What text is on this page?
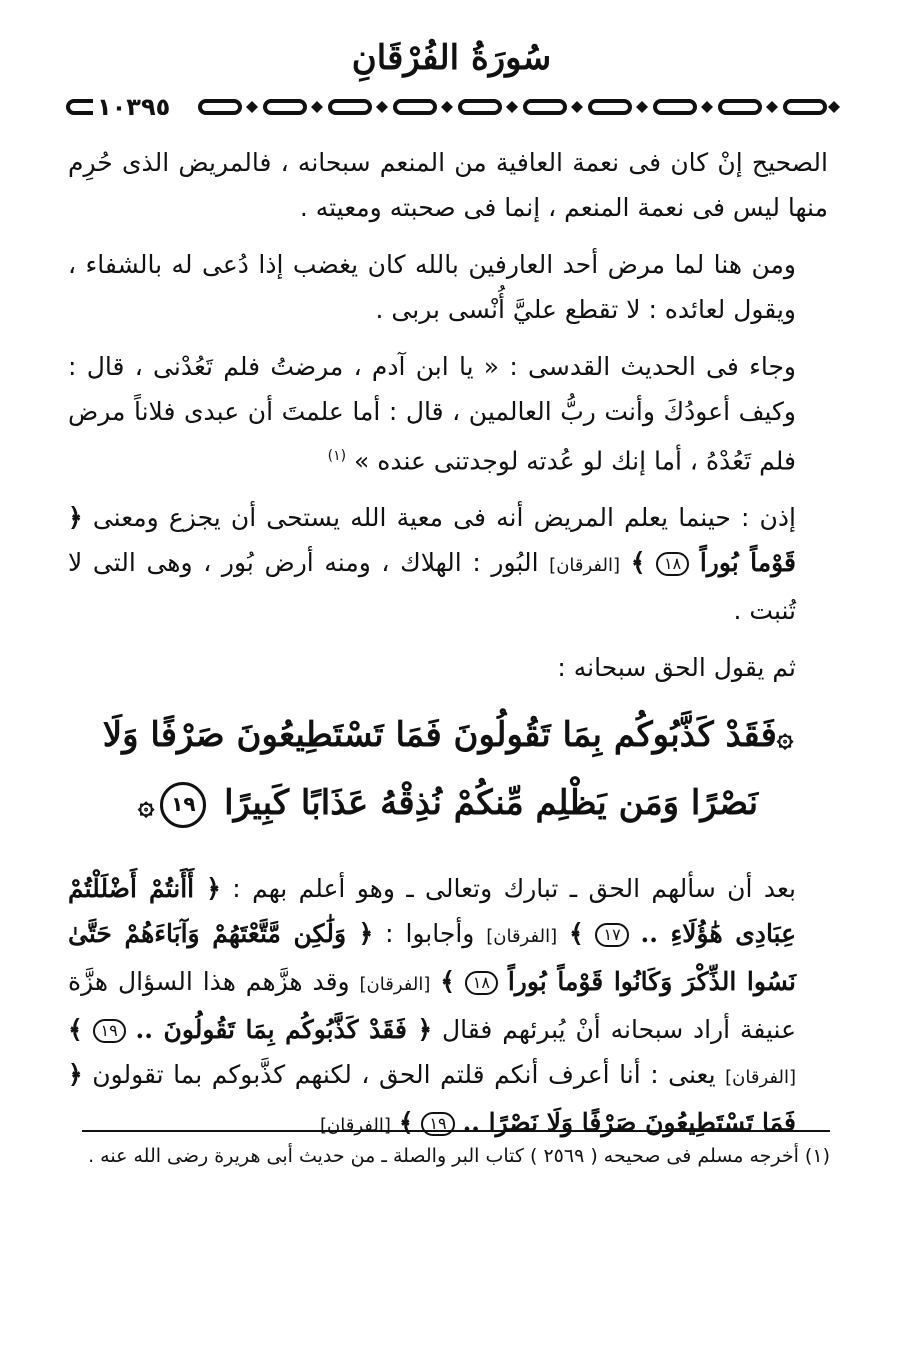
سُورَةُ الفُرْقَانِ
١٠٣٩٥

الصحيح إنْ كان فى نعمة العافية من المنعم سبحانه ، فالمريض الذى حُرِم منها ليس فى نعمة المنعم ، إنما فى صحبته ومعيته .

ومن هنا لما مرض أحد العارفين بالله كان يغضب إذا دُعى له بالشفاء ، ويقول لعائده : لا تقطع عليَّ أُنْسى بربى .

وجاء فى الحديث القدسى : « يا ابن آدم ، مرضتُ فلم تَعُدْنى ، قال : وكيف أعودُكَ وأنت ربُّ العالمين ، قال : أما علمتَ أن عبدى فلاناً مرض فلم تَعُدْهُ ، أما إنك لو عُدته لوجدتنى عنده » $^{(١)}$

إذن : حينما يعلم المريض أنه فى معية الله يستحى أن يجزع ومعنى ﴿ قَوْماً بُوراً ١٨ ﴾ [الفرقان] البُور : الهلاك ، ومنه أرض بُور ، وهى التى لا تُنبت .

ثم يقول الحق سبحانه :

۞فَقَدْ كَذَّبُوكُم بِمَا تَقُولُونَ فَمَا تَسْتَطِيعُونَ صَرْفًا وَلَا
نَصْرًا وَمَن يَظْلِم مِّنكُمْ نُذِقْهُ عَذَابًا كَبِيرًا ١٩۞

بعد أن سألهم الحق ـ تبارك وتعالى ـ وهو أعلم بهم : ﴿ أَأَنتُمْ أَضْلَلْتُمْ عِبَادِى هَٰؤُلَاءِ .. ١٧ ﴾ [الفرقان] وأجابوا : ﴿ وَلَٰكِن مَّتَّعْتَهُمْ وَآبَاءَهُمْ حَتَّىٰ نَسُوا الذِّكْرَ وَكَانُوا قَوْماً بُوراً ١٨ ﴾ [الفرقان] وقد هزَّهم هذا السؤال هزَّة عنيفة أراد سبحانه أنْ يُبرئهم فقال ﴿ فَقَدْ كَذَّبُوكُم بِمَا تَقُولُونَ .. ١٩ ﴾ [الفرقان] يعنى : أنا أعرف أنكم قلتم الحق ، لكنهم كذَّبوكم بما تقولون ﴿ فَمَا تَسْتَطِيعُونَ صَرْفًا وَلَا نَصْرًا .. ١٩ ﴾ [الفرقان]

(١) أخرجه مسلم فى صحيحه ( ٢٥٦٩ ) كتاب البر والصلة ـ من حديث أبى هريرة رضى الله عنه .
